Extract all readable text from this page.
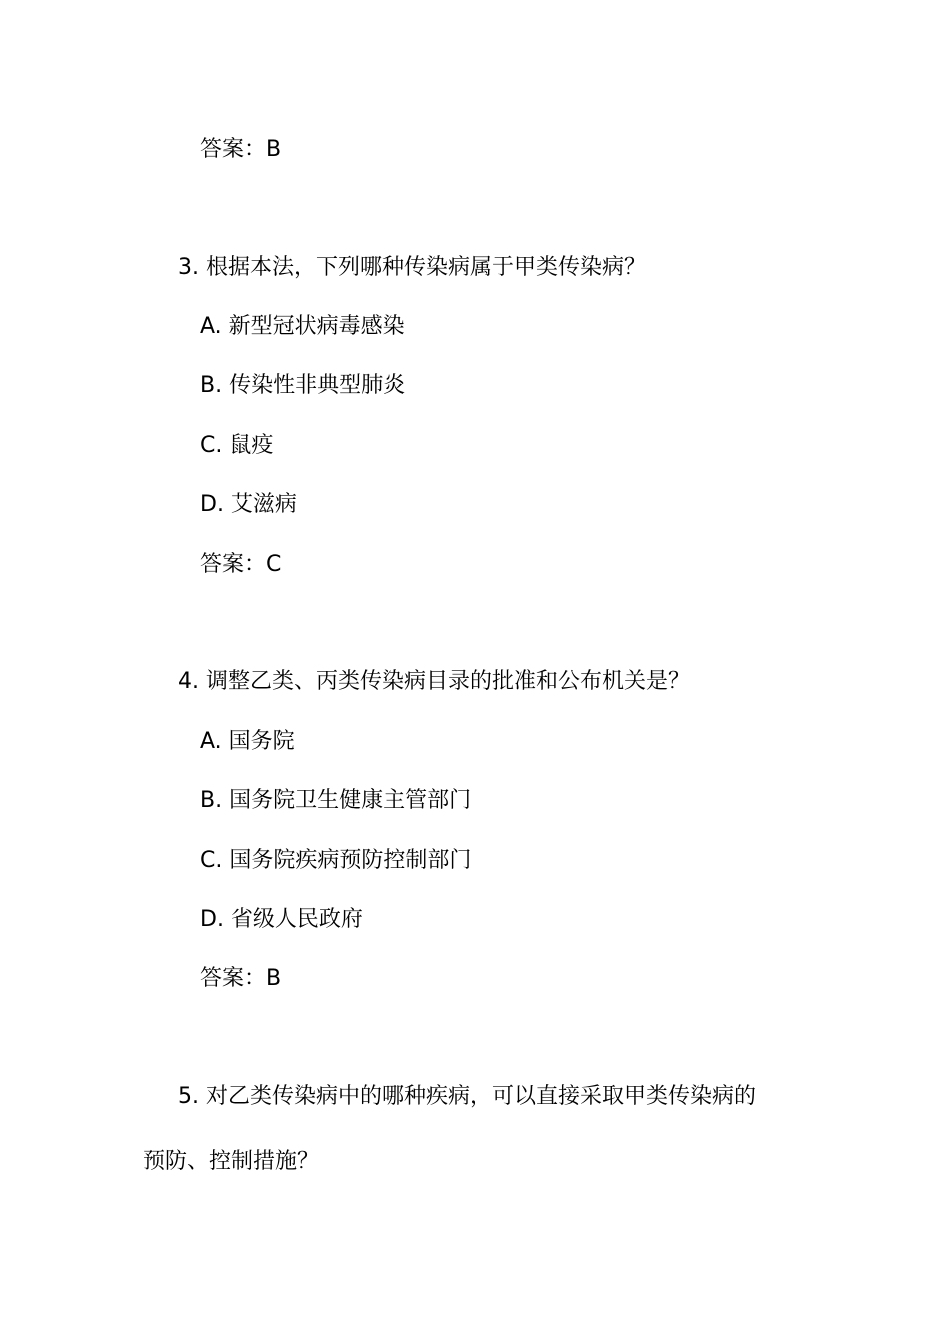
答案：B
3. 根据本法，下列哪种传染病属于甲类传染病？
A. 新型冠状病毒感染
B. 传染性非典型肺炎
C. 鼠疫
D. 艾滋病
答案：C
4. 调整乙类、丙类传染病目录的批准和公布机关是？
A. 国务院
B. 国务院卫生健康主管部门
C. 国务院疾病预防控制部门
D. 省级人民政府
答案：B
5. 对乙类传染病中的哪种疾病，可以直接采取甲类传染病的
预防、控制措施？
